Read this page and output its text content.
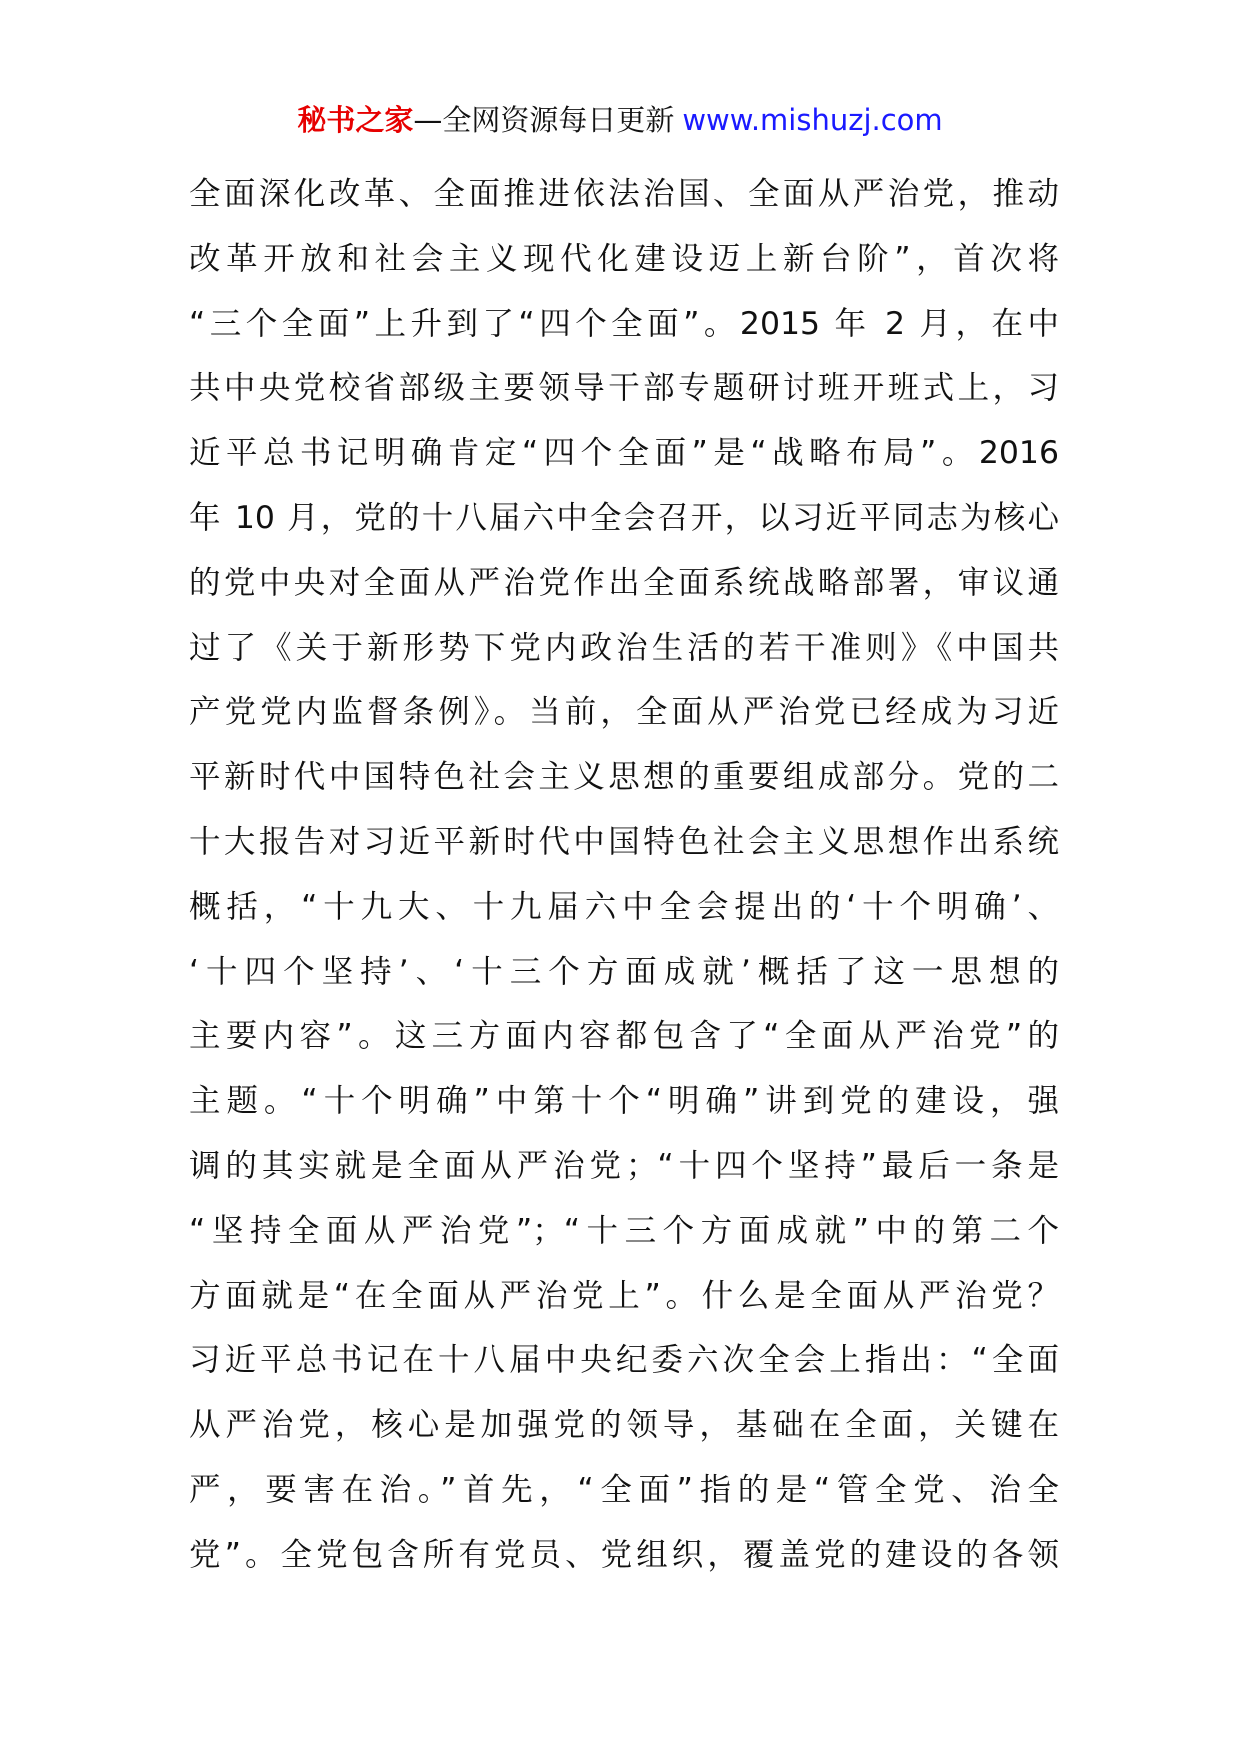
秘书之家—全网资源每日更新 www.mishuzj.com
全面深化改革、全面推进依法治国、全面从严治党，推动
改革开放和社会主义现代化建设迈上新台阶”，首次将
“三个全面”上升到了“四个全面”。2015 年 2 月，在中
共中央党校省部级主要领导干部专题研讨班开班式上，习
近平总书记明确肯定“四个全面”是“战略布局”。2016
年 10 月，党的十八届六中全会召开，以习近平同志为核心
的党中央对全面从严治党作出全面系统战略部署，审议通
过了《关于新形势下党内政治生活的若干准则》《中国共
产党党内监督条例》。当前，全面从严治党已经成为习近
平新时代中国特色社会主义思想的重要组成部分。党的二
十大报告对习近平新时代中国特色社会主义思想作出系统
概括，“十九大、十九届六中全会提出的‘十个明确’、
‘十四个坚持’、‘十三个方面成就’概括了这一思想的
主要内容”。这三方面内容都包含了“全面从严治党”的
主题。“十个明确”中第十个“明确”讲到党的建设，强
调的其实就是全面从严治党；“十四个坚持”最后一条是
“坚持全面从严治党”；“十三个方面成就”中的第二个
方面就是“在全面从严治党上”。什么是全面从严治党？
习近平总书记在十八届中央纪委六次全会上指出：“全面
从严治党，核心是加强党的领导，基础在全面，关键在
严，要害在治。”首先，“全面”指的是“管全党、治全
党”。全党包含所有党员、党组织，覆盖党的建设的各领
